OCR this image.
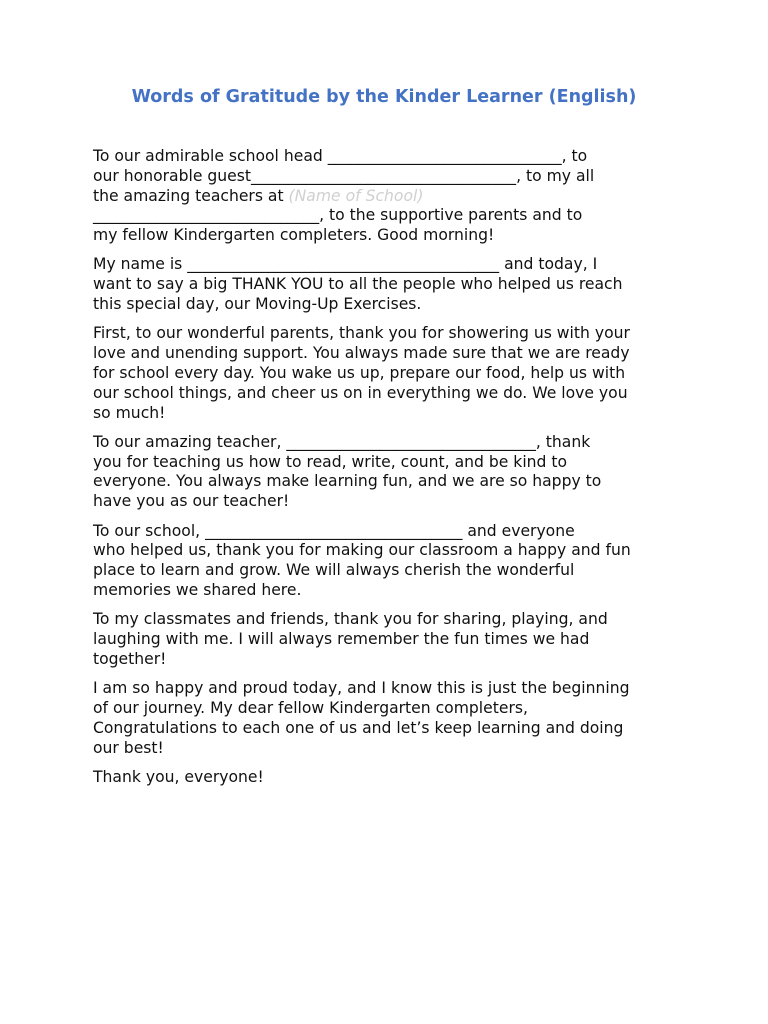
Words of Gratitude by the Kinder Learner (English)

To our admirable school head ______________________________, to
our honorable guest__________________________________, to my all
the amazing teachers at (Name of School)
_____________________________, to the supportive parents and to
my fellow Kindergarten completers. Good morning!

My name is ________________________________________ and today, I
want to say a big THANK YOU to all the people who helped us reach
this special day, our Moving-Up Exercises.

First, to our wonderful parents, thank you for showering us with your
love and unending support. You always made sure that we are ready
for school every day. You wake us up, prepare our food, help us with
our school things, and cheer us on in everything we do. We love you
so much!

To our amazing teacher, ________________________________, thank
you for teaching us how to read, write, count, and be kind to
everyone. You always make learning fun, and we are so happy to
have you as our teacher!

To our school, _________________________________ and everyone
who helped us, thank you for making our classroom a happy and fun
place to learn and grow. We will always cherish the wonderful
memories we shared here.

To my classmates and friends, thank you for sharing, playing, and
laughing with me. I will always remember the fun times we had
together!

I am so happy and proud today, and I know this is just the beginning
of our journey. My dear fellow Kindergarten completers,
Congratulations to each one of us and let’s keep learning and doing
our best!

Thank you, everyone!
